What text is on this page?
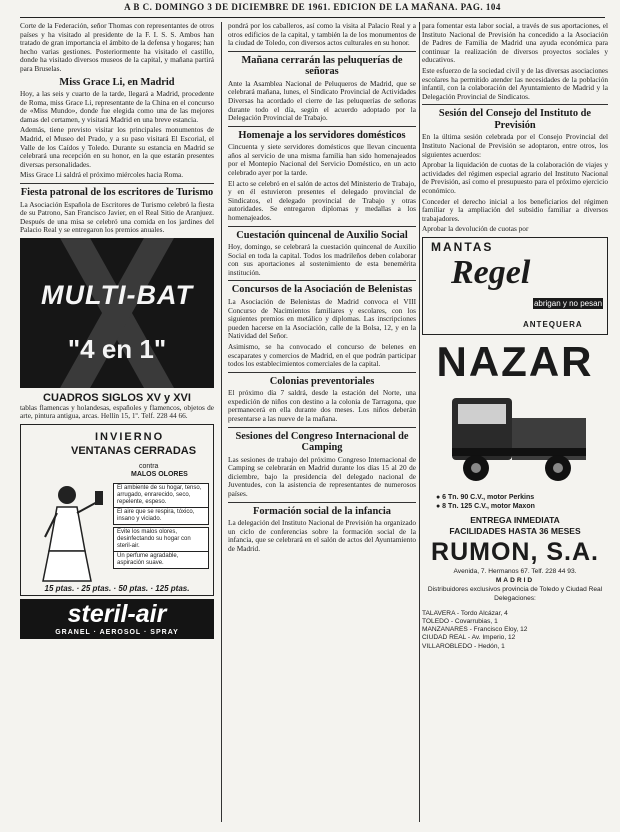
A B C. DOMINGO 3 DE DICIEMBRE DE 1961. EDICION DE LA MAÑANA. PAG. 104

Corte de la Federación, señor Thomas con representantes de otros países y ha visitado al presidente de la F. I. S. S. Ambos han tratado de gran importancia el ámbito de la defensa y hogares; han hecho varias gestiones. Posteriormente ha visitado el castillo, donde ha visitado diversos museos de la capital, y mañana partirá para Bruselas.

Miss Grace Li, en Madrid

Hoy, a las seis y cuarto de la tarde, llegará a Madrid, procedente de Roma, miss Grace Li, representante de la China en el concurso de «Miss Mundo», donde fue elegida como una de las mejores damas del certamen, y visitará Madrid en una breve estancia.

Además, tiene previsto visitar los principales monumentos de Madrid, el Museo del Prado, y a su paso visitará El Escorial, el Valle de los Caídos y Toledo. Durante su estancia en Madrid se celebrará una recepción en su honor, en la que estarán presentes diversas personalidades.

Miss Grace Li saldrá el próximo miércoles hacia Roma.

Fiesta patronal de los escritores de Turismo

La Asociación Española de Escritores de Turismo celebró la fiesta de su Patrono, San Francisco Javier, en el Real Sitio de Aranjuez. Después de una misa se celebró una comida en los jardines del Palacio Real y se entregaron los premios anuales.

MULTI-BAT
"4 en 1"
CUADROS SIGLOS XV y XVI

tablas flamencas y holandesas, españoles y flamencos, objetos de arte, pintura antigua, arcas. Hellín 15, 1º. Telf. 228 44 66.

INVIERNO
VENTANAS CERRADAS
contra
MALOS OLORES
El ambiente de su hogar, tenso, arrugado, enrarecido, seco, repelente, espeso.
El aire que se respira, tóxico, insano y viciado.
Evite los malos olores, desinfectando su hogar con steril-air.
Un perfume agradable, aspiración suave.
15 ptas. · 25 ptas. · 50 ptas. · 125 ptas.
steril-air
GRANEL · AEROSOL · SPRAY

pondrá por los caballeros, así como la visita al Palacio Real y a otros edificios de la capital, y también la de los monumentos de la ciudad de Toledo, con diversos actos culturales en su honor.

Mañana cerrarán las peluquerías de señoras

Ante la Asamblea Nacional de Peluqueros de Madrid, que se celebrará mañana, lunes, el Sindicato Provincial de Actividades Diversas ha acordado el cierre de las peluquerías de señoras durante todo el día, según el acuerdo adoptado por la Delegación Provincial de Trabajo.

Homenaje a los servidores domésticos

Cincuenta y siete servidores domésticos que llevan cincuenta años al servicio de una misma familia han sido homenajeados por el Montepío Nacional del Servicio Doméstico, en un acto celebrado ayer por la tarde.

El acto se celebró en el salón de actos del Ministerio de Trabajo, y en él estuvieron presentes el delegado provincial de Sindicatos, el delegado provincial de Trabajo y otras autoridades. Se entregaron diplomas y medallas a los homenajeados.

Cuestación quincenal de Auxilio Social

Hoy, domingo, se celebrará la cuestación quincenal de Auxilio Social en toda la capital. Todos los madrileños deben colaborar con sus aportaciones al sostenimiento de esta benemérita institución.

Concursos de la Asociación de Belenistas

La Asociación de Belenistas de Madrid convoca el VIII Concurso de Nacimientos familiares y escolares, con los siguientes premios en metálico y diplomas. Las inscripciones pueden hacerse en la Asociación, calle de la Bolsa, 12, y en la Natividad del Señor.

Asimismo, se ha convocado el concurso de belenes en escaparates y comercios de Madrid, en el que podrán participar todos los establecimientos comerciales de la capital.

Colonias preventoriales

El próximo día 7 saldrá, desde la estación del Norte, una expedición de niños con destino a la colonia de Tarragona, que permanecerá en ella durante dos meses. Los niños deberán presentarse a las nueve de la mañana.

Sesiones del Congreso Internacional de Camping

Las sesiones de trabajo del próximo Congreso Internacional de Camping se celebrarán en Madrid durante los días 15 al 20 de diciembre, bajo la presidencia del delegado nacional de Juventudes, con la asistencia de representantes de numerosos países.

Formación social de la infancia

La delegación del Instituto Nacional de Previsión ha organizado un ciclo de conferencias sobre la formación social de la infancia, que se celebrará en el salón de actos del Ayuntamiento de Madrid.

para fomentar esta labor social, a través de sus aportaciones, el Instituto Nacional de Previsión ha concedido a la Asociación de Padres de Familia de Madrid una ayuda económica para continuar la realización de diversos proyectos sociales y educativos.

Este esfuerzo de la sociedad civil y de las diversas asociaciones escolares ha permitido atender las necesidades de la población infantil, con la colaboración del Ayuntamiento de Madrid y la Delegación Provincial de Sindicatos.

Sesión del Consejo del Instituto de Previsión

En la última sesión celebrada por el Consejo Provincial del Instituto Nacional de Previsión se adoptaron, entre otros, los siguientes acuerdos:

Aprobar la liquidación de cuotas de la colaboración de viajes y actividades del régimen especial agrario del Instituto Nacional de Previsión, así como el presupuesto para el próximo ejercicio económico.

Conceder el derecho inicial a los beneficiarios del régimen familiar y la ampliación del subsidio familiar a diversos trabajadores.

Aprobar la devolución de cuotas por

MANTAS
Regel
abrigan y no pesan
ANTEQUERA
NAZAR
● 6 Tn. 90 C.V., motor Perkins
● 8 Tn. 125 C.V., motor Maxon
ENTREGA INMEDIATA
FACILIDADES HASTA 36 MESES
RUMON, S.A.
Avenida, 7. Hermanos 67. Telf. 228 44 93.
MADRID
Distribuidores exclusivos provincia de Toledo y Ciudad Real
Delegaciones:
TALAVERA - Tordo Alcázar, 4
TOLEDO - Covarrubias, 1
MANZANARES - Francisco Eloy, 12
CIUDAD REAL - Av. Imperio, 12
VILLAROBLEDO - Hedón, 1
